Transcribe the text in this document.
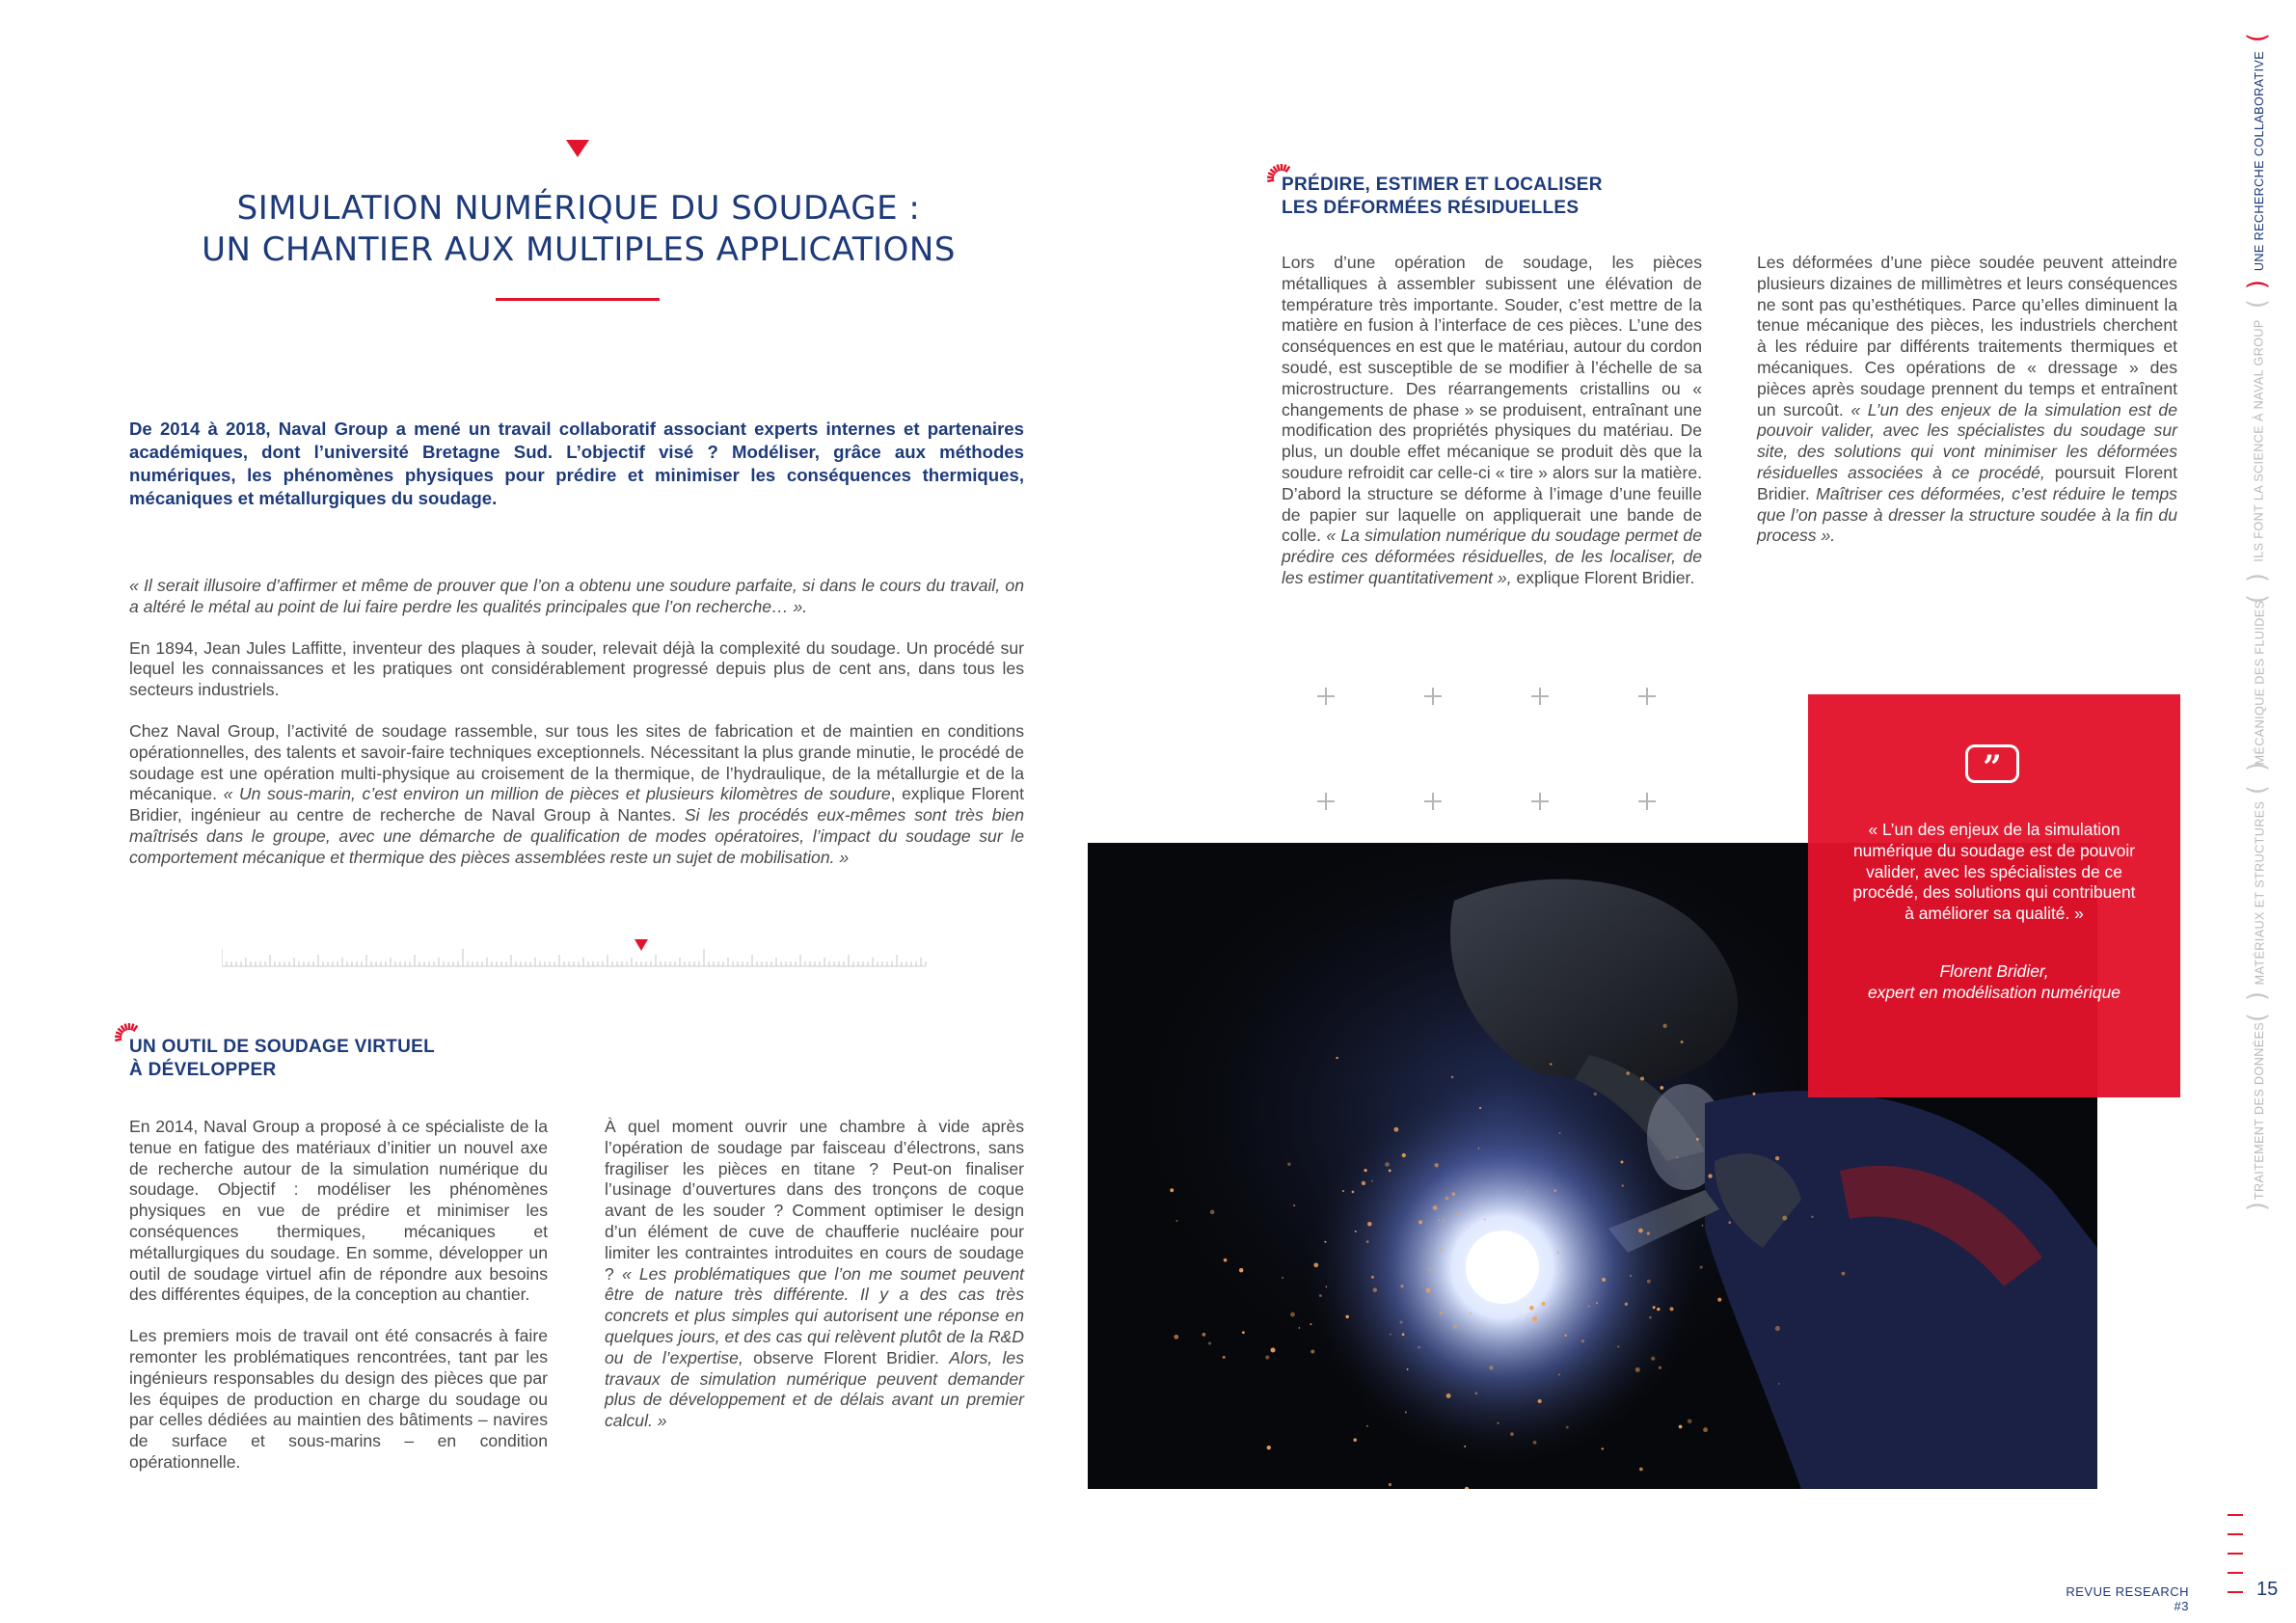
SIMULATION NUMÉRIQUE DU SOUDAGE :
UN CHANTIER AUX MULTIPLES APPLICATIONS
De 2014 à 2018, Naval Group a mené un travail collaboratif associant experts internes et partenaires académiques, dont l’université Bretagne Sud. L’objectif visé ? Modéliser, grâce aux méthodes numériques, les phénomènes physiques pour prédire et minimiser les conséquences thermiques, mécaniques et métallurgiques du soudage.

« Il serait illusoire d’affirmer et même de prouver que l’on a obtenu une soudure parfaite, si dans le cours du travail, on a altéré le métal au point de lui faire perdre les qualités principales que l’on recherche… ».

En 1894, Jean Jules Laffitte, inventeur des plaques à souder, relevait déjà la complexité du soudage. Un procédé sur lequel les connaissances et les pratiques ont considérablement progressé depuis plus de cent ans, dans tous les secteurs industriels.

Chez Naval Group, l’activité de soudage rassemble, sur tous les sites de fabrication et de maintien en conditions opérationnelles, des talents et savoir-faire techniques exceptionnels. Nécessitant la plus grande minutie, le procédé de soudage est une opération multi-physique au croisement de la thermique, de l’hydraulique, de la métallurgie et de la mécanique. « Un sous-marin, c’est environ un million de pièces et plusieurs kilomètres de soudure, explique Florent Bridier, ingénieur au centre de recherche de Naval Group à Nantes. Si les procédés eux-mêmes sont très bien maîtrisés dans le groupe, avec une démarche de qualification de modes opératoires, l’impact du soudage sur le comportement mécanique et thermique des pièces assemblées reste un sujet de mobilisation. »

UN OUTIL DE SOUDAGE VIRTUEL
À DÉVELOPPER

En 2014, Naval Group a proposé à ce spécialiste de la tenue en fatigue des matériaux d’initier un nouvel axe de recherche autour de la simulation numérique du soudage. Objectif : modéliser les phénomènes physiques en vue de prédire et minimiser les conséquences thermiques, mécaniques et métallurgiques du soudage. En somme, développer un outil de soudage virtuel afin de répondre aux besoins des différentes équipes, de la conception au chantier.

Les premiers mois de travail ont été consacrés à faire remonter les problématiques rencontrées, tant par les ingénieurs responsables du design des pièces que par les équipes de production en charge du soudage ou par celles dédiées au maintien des bâtiments – navires de surface et sous-marins – en condition opérationnelle.

À quel moment ouvrir une chambre à vide après l’opération de soudage par faisceau d’électrons, sans fragiliser les pièces en titane ? Peut-on finaliser l’usinage d’ouvertures dans des tronçons de coque avant de les souder ? Comment optimiser le design d’un élément de cuve de chaufferie nucléaire pour limiter les contraintes introduites en cours de soudage ? « Les problématiques que l’on me soumet peuvent être de nature très différente. Il y a des cas très concrets et plus simples qui autorisent une réponse en quelques jours, et des cas qui relèvent plutôt de la R&D ou de l’expertise, observe Florent Bridier. Alors, les travaux de simulation numérique peuvent demander plus de développement et de délais avant un premier calcul. »

PRÉDIRE, ESTIMER ET LOCALISER
LES DÉFORMÉES RÉSIDUELLES

Lors d’une opération de soudage, les pièces métalliques à assembler subissent une élévation de température très importante. Souder, c’est mettre de la matière en fusion à l’interface de ces pièces. L’une des conséquences en est que le matériau, autour du cordon soudé, est susceptible de se modifier à l’échelle de sa microstructure. Des réarrangements cristallins ou « changements de phase » se produisent, entraînant une modification des propriétés physiques du matériau. De plus, un double effet mécanique se produit dès que la soudure refroidit car celle-ci « tire » alors sur la matière. D’abord la structure se déforme à l’image d’une feuille de papier sur laquelle on appliquerait une bande de colle. « La simulation numérique du soudage permet de prédire ces déformées résiduelles, de les localiser, de les estimer quantitativement », explique Florent Bridier.

Les déformées d’une pièce soudée peuvent atteindre plusieurs dizaines de millimètres et leurs conséquences ne sont pas qu’esthétiques. Parce qu’elles diminuent la tenue mécanique des pièces, les industriels cherchent à les réduire par différents traitements thermiques et mécaniques. Ces opérations de « dressage » des pièces après soudage prennent du temps et entraînent un surcoût. « L’un des enjeux de la simulation est de pouvoir valider, avec les spécialistes du soudage sur site, des solutions qui vont minimiser les déformées résiduelles associées à ce procédé, poursuit Florent Bridier. Maîtriser ces déformées, c’est réduire le temps que l’on passe à dresser la structure soudée à la fin du process ».

”
« L’un des enjeux de la simulation numérique du soudage est de pouvoir valider, avec les spécialistes de ce procédé, des solutions qui contribuent à améliorer sa qualité. »
Florent Bridier,
expert en modélisation numérique
(
UNE RECHERCHE COLLABORATIVE
)
(
ILS FONT LA SCIENCE À NAVAL GROUP
)
(
MÉCANIQUE DES FLUIDES
)
(
MATÉRIAUX ET STRUCTURES
)
(
TRAITEMENT DES DONNÉES
)
REVUE RESEARCH #3
15
